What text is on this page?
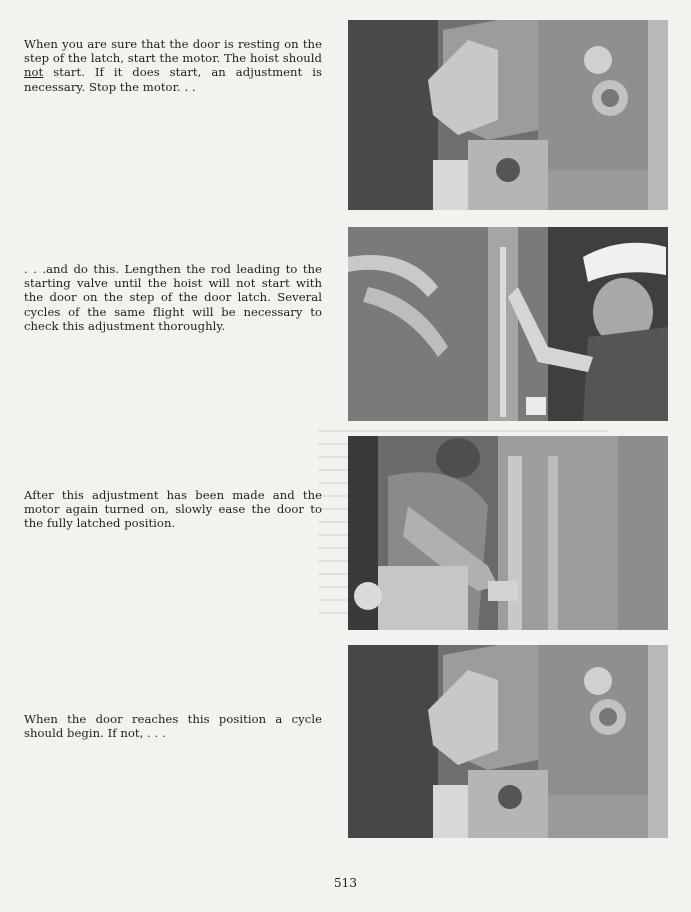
When you are sure that the door is resting on the step of the latch, start the motor. The hoist should not start. If it does start, an adjustment is necessary. Stop the motor. . .
. . .and do this. Lengthen the rod leading to the starting valve until the hoist will not start with the door on the step of the door latch. Several cycles of the same flight will be necessary to check this adjustment thoroughly.
After this adjustment has been made and the motor again turned on, slowly ease the door to the fully latched position.
When the door reaches this position a cycle should begin. If not, . . .
513
